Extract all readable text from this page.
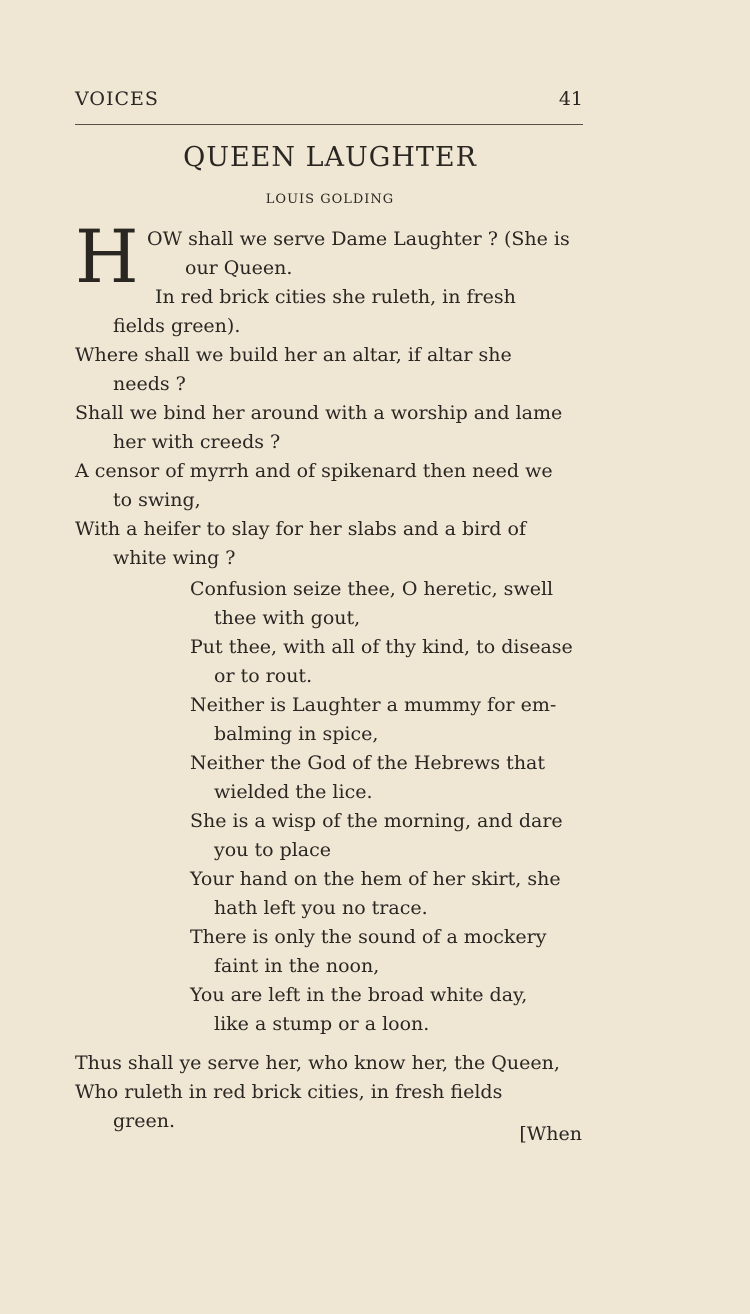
VOICES	41
QUEEN LAUGHTER
LOUIS GOLDING
H OW shall we serve Dame Laughter ? (She is
our Queen.
In red brick cities she ruleth, in fresh
fields green).
Where shall we build her an altar, if altar she
needs ?
Shall we bind her around with a worship and lame
her with creeds ?
A censor of myrrh and of spikenard then need we
to swing,
With a heifer to slay for her slabs and a bird of
white wing ?
Confusion seize thee, O heretic, swell
thee with gout,
Put thee, with all of thy kind, to disease
or to rout.
Neither is Laughter a mummy for em-
balming in spice,
Neither the God of the Hebrews that
wielded the lice.
She is a wisp of the morning, and dare
you to place
Your hand on the hem of her skirt, she
hath left you no trace.
There is only the sound of a mockery
faint in the noon,
You are left in the broad white day,
like a stump or a loon.
Thus shall ye serve her, who know her, the Queen,
Who ruleth in red brick cities, in fresh fields
green.
[When
